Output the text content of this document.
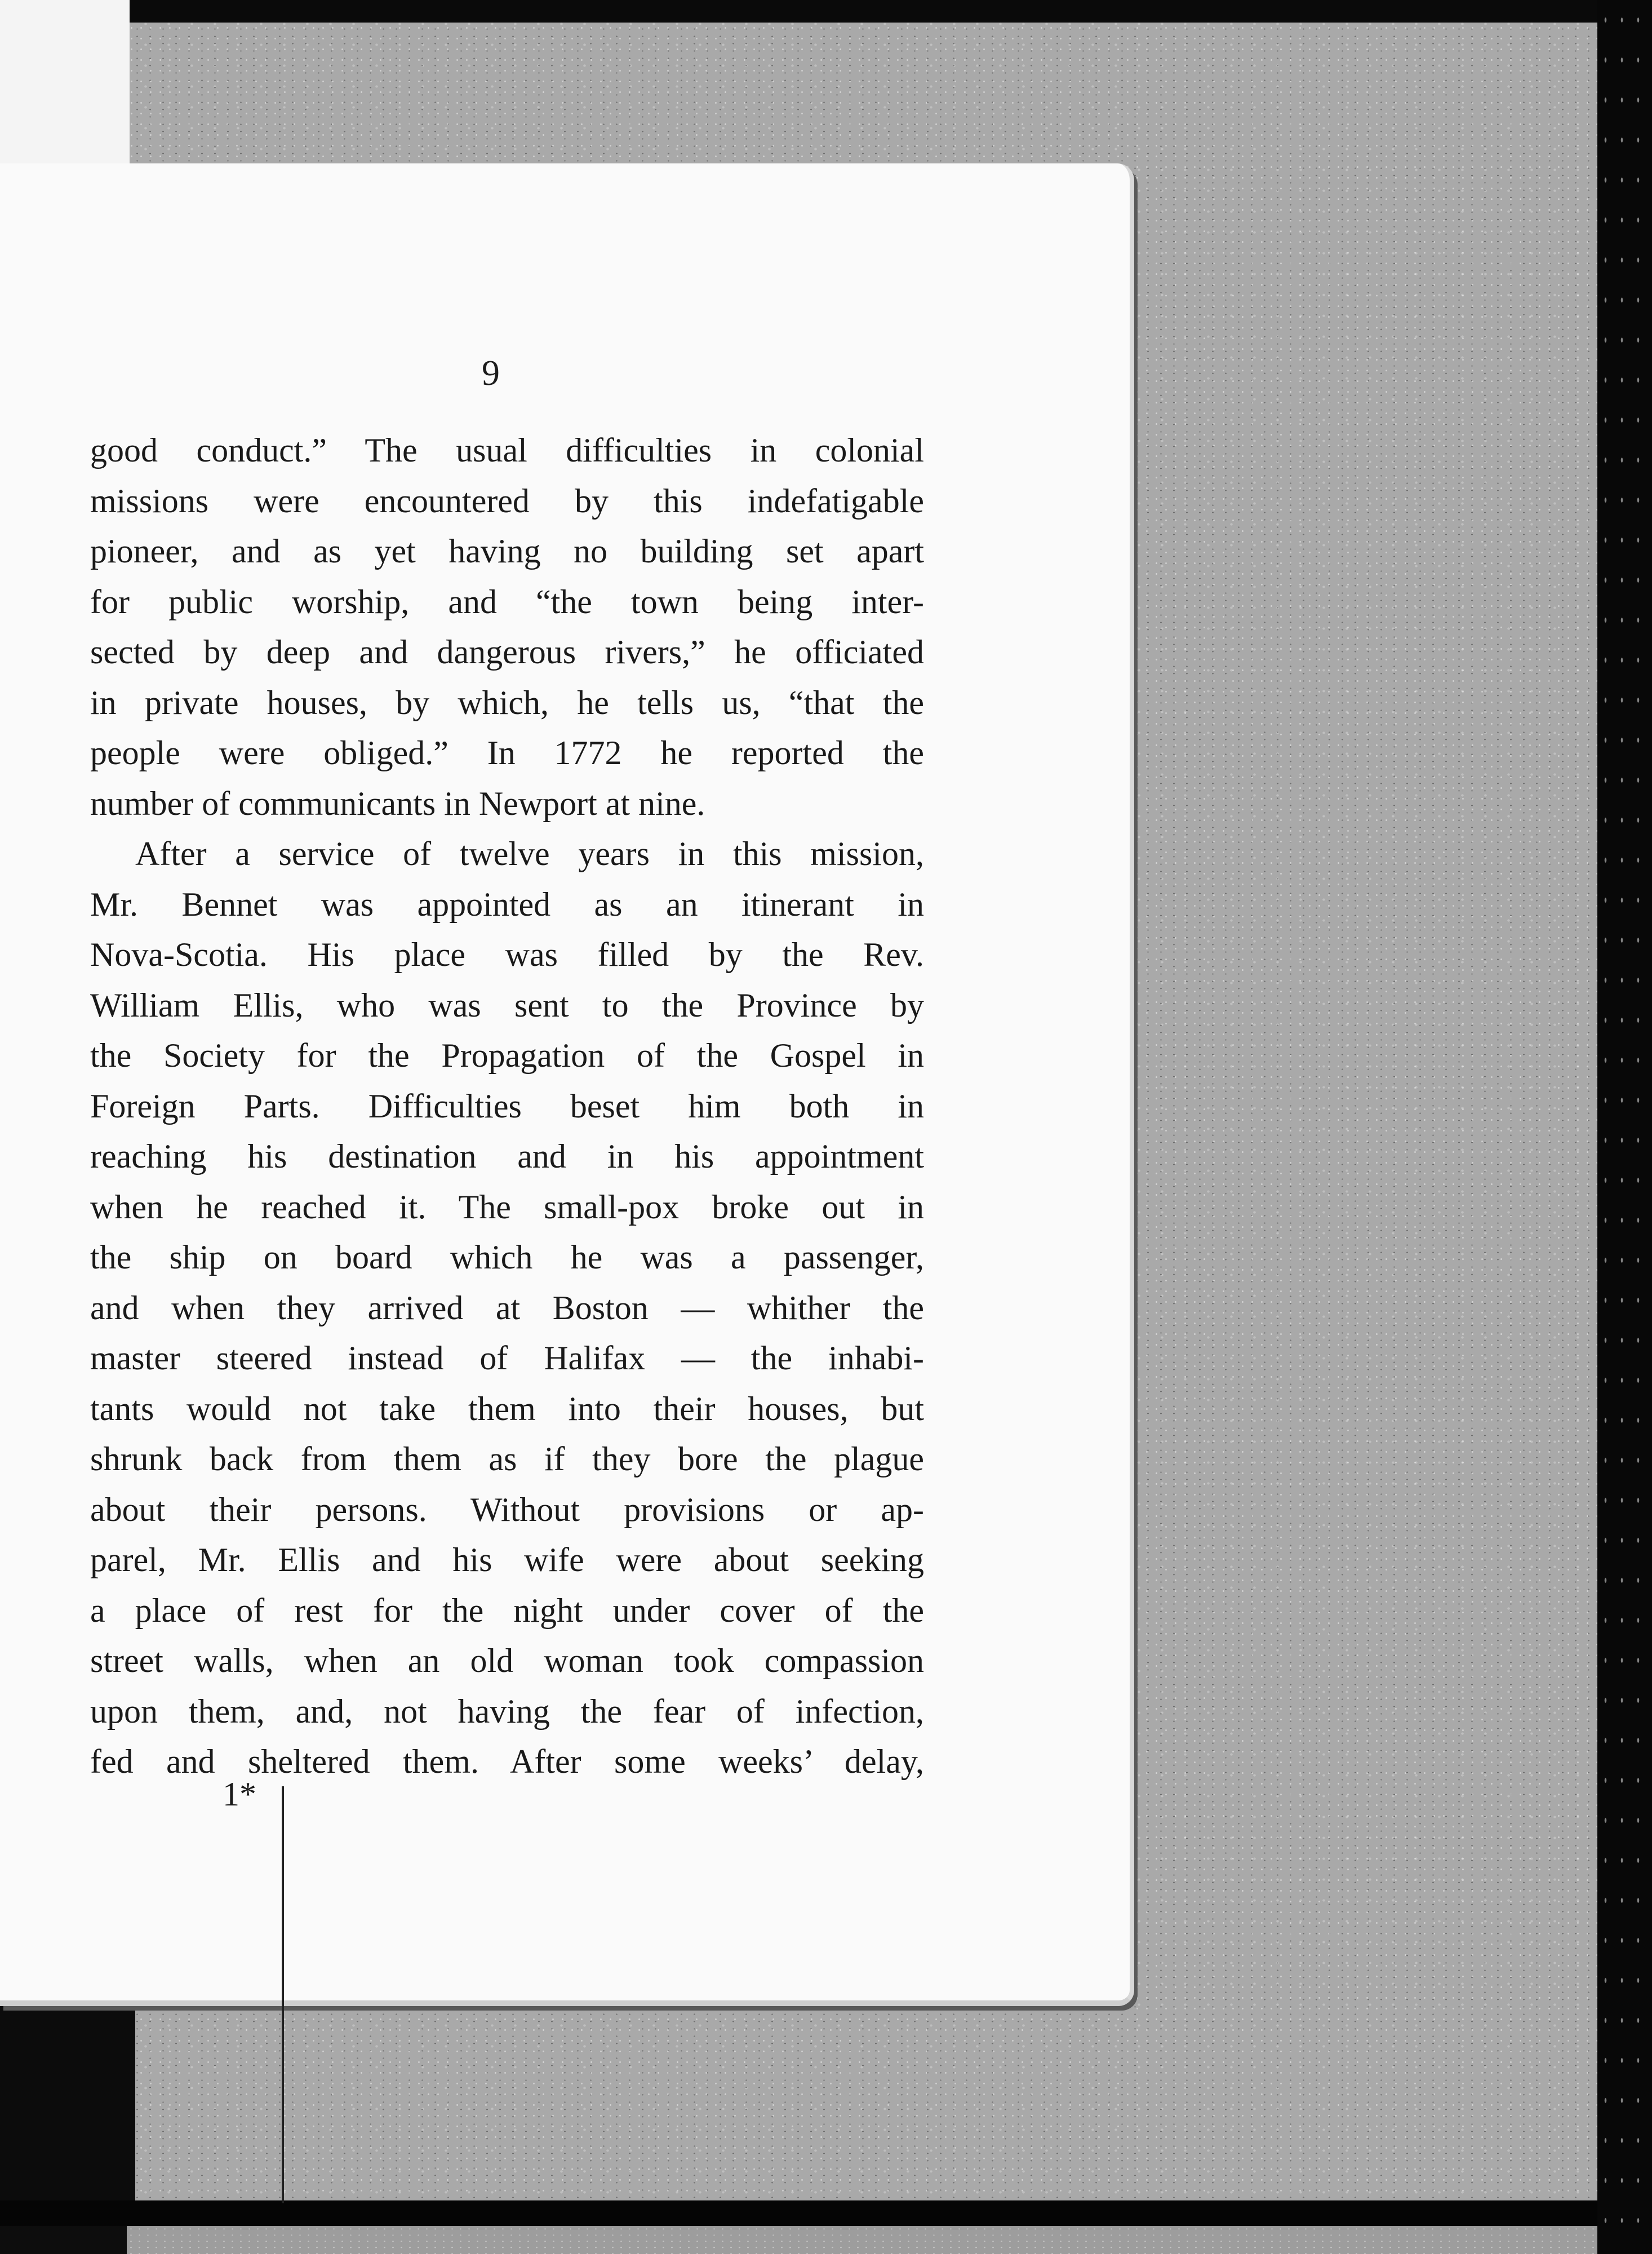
9
good conduct.” The usual difficulties in colonial
missions were encountered by this indefatigable
pioneer, and as yet having no building set apart
for public worship, and “the town being inter-
sected by deep and dangerous rivers,” he officiated
in private houses, by which, he tells us, “that the
people were obliged.” In 1772 he reported the
number of communicants in Newport at nine.
After a service of twelve years in this mission,
Mr. Bennet was appointed as an itinerant in
Nova-Scotia. His place was filled by the Rev.
William Ellis, who was sent to the Province by
the Society for the Propagation of the Gospel in
Foreign Parts. Difficulties beset him both in
reaching his destination and in his appointment
when he reached it. The small-pox broke out in
the ship on board which he was a passenger,
and when they arrived at Boston — whither the
master steered instead of Halifax — the inhabi-
tants would not take them into their houses, but
shrunk back from them as if they bore the plague
about their persons. Without provisions or ap-
parel, Mr. Ellis and his wife were about seeking
a place of rest for the night under cover of the
street walls, when an old woman took compassion
upon them, and, not having the fear of infection,
fed and sheltered them. After some weeks’ delay,
1*
